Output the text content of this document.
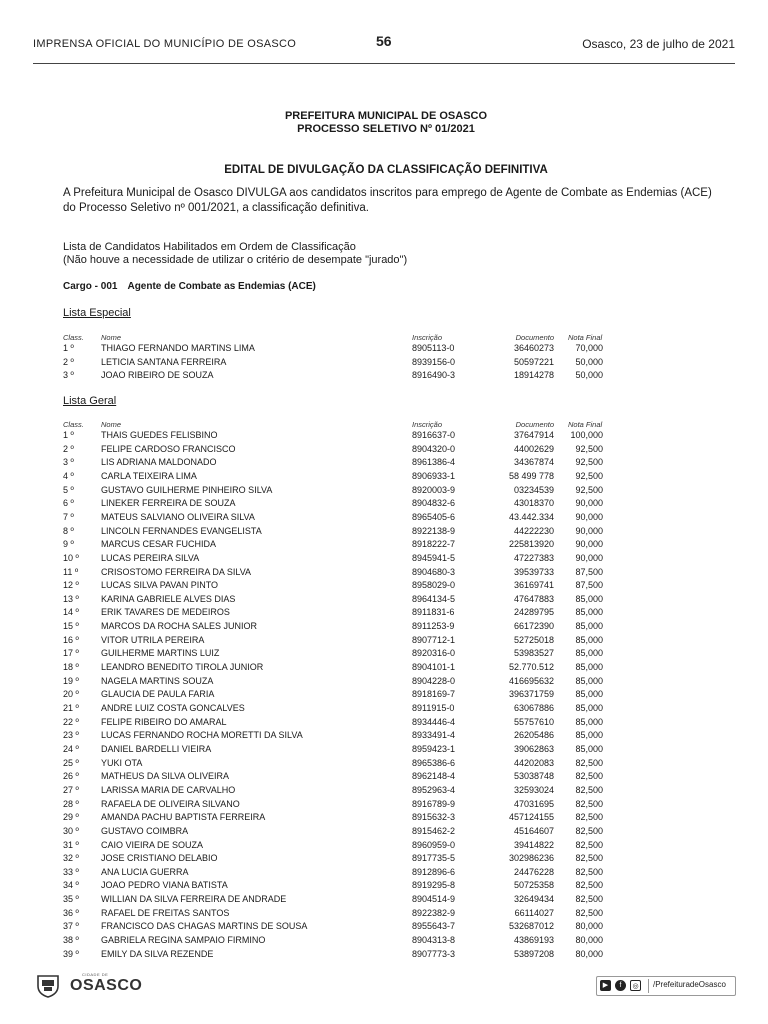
IMPRENSA OFICIAL DO MUNICÍPIO DE OSASCO	56	Osasco, 23 de julho de 2021
PREFEITURA MUNICIPAL DE OSASCO
PROCESSO SELETIVO Nº 01/2021
EDITAL DE DIVULGAÇÃO DA CLASSIFICAÇÃO DEFINITIVA
A Prefeitura Municipal de Osasco DIVULGA aos candidatos inscritos para emprego de Agente de Combate as Endemias (ACE) do Processo Seletivo nº 001/2021, a classificação definitiva.
Lista de Candidatos Habilitados em Ordem de Classificação
(Não houve a necessidade de utilizar o critério de desempate "jurado")
Cargo - 001 Agente de Combate as Endemias (ACE)
Lista Especial
Class. Nome	Inscrição	Documento Nota Final
1 º	THIAGO FERNANDO MARTINS LIMA	8905113-0	36460273	70,000
2 º	LETICIA SANTANA FERREIRA	8939156-0	50597221	50,000
3 º	JOAO RIBEIRO DE SOUZA	8916490-3	18914278	50,000
Lista Geral
Class. Nome	Inscrição	Documento Nota Final
1 º	THAIS GUEDES FELISBINO	8916637-0	37647914	100,000
2 º	FELIPE CARDOSO FRANCISCO	8904320-0	44002629	92,500
3 º	LIS ADRIANA MALDONADO	8961386-4	34367874	92,500
4 º	CARLA TEIXEIRA LIMA	8906933-1	58 499 778	92,500
5 º	GUSTAVO GUILHERME PINHEIRO SILVA	8920003-9	03234539	92,500
6 º	LINEKER FERREIRA DE SOUZA	8904832-6	43018370	90,000
7 º	MATEUS SALVIANO OLIVEIRA SILVA	8965405-6	43.442.334	90,000
8 º	LINCOLN FERNANDES EVANGELISTA	8922138-9	44222230	90,000
9 º	MARCUS CESAR FUCHIDA	8918222-7	225813920	90,000
10 º LUCAS PEREIRA SILVA	8945941-5	47227383	90,000
11 º	CRISOSTOMO FERREIRA DA SILVA	8904680-3	39539733	87,500
12 º LUCAS SILVA PAVAN PINTO	8958029-0	36169741	87,500
13 º KARINA GABRIELE ALVES DIAS	8964134-5	47647883	85,000
14 º ERIK TAVARES DE MEDEIROS	8911831-6	24289795	85,000
15 º MARCOS DA ROCHA SALES JUNIOR	8911253-9	66172390	85,000
16 º VITOR UTRILA PEREIRA	8907712-1	52725018	85,000
17 º GUILHERME MARTINS LUIZ	8920316-0	53983527	85,000
18 º LEANDRO BENEDITO TIROLA JUNIOR	8904101-1	52.770.512	85,000
19 º NAGELA MARTINS SOUZA	8904228-0	416695632	85,000
20 º GLAUCIA DE PAULA FARIA	8918169-7	396371759	85,000
21 º ANDRE LUIZ COSTA GONCALVES	8911915-0	63067886	85,000
22 º FELIPE RIBEIRO DO AMARAL	8934446-4	55757610	85,000
23 º LUCAS FERNANDO ROCHA MORETTI DA SILVA	8933491-4	26205486	85,000
24 º DANIEL BARDELLI VIEIRA	8959423-1	39062863	85,000
25 º YUKI OTA	8965386-6	44202083	82,500
26 º MATHEUS DA SILVA OLIVEIRA	8962148-4	53038748	82,500
27 º LARISSA MARIA DE CARVALHO	8952963-4	32593024	82,500
28 º RAFAELA DE OLIVEIRA SILVANO	8916789-9	47031695	82,500
29 º AMANDA PACHU BAPTISTA FERREIRA	8915632-3	457124155	82,500
30 º GUSTAVO COIMBRA	8915462-2	45164607	82,500
31 º CAIO VIEIRA DE SOUZA	8960959-0	39414822	82,500
32 º JOSE CRISTIANO DELABIO	8917735-5	302986236	82,500
33 º ANA LUCIA GUERRA	8912896-6	24476228	82,500
34 º JOAO PEDRO VIANA BATISTA	8919295-8	50725358	82,500
35 º WILLIAN DA SILVA FERREIRA DE ANDRADE	8904514-9	32649434	82,500
36 º RAFAEL DE FREITAS SANTOS	8922382-9	66114027	82,500
37 º FRANCISCO DAS CHAGAS MARTINS DE SOUSA	8955643-7	532687012	80,000
38 º GABRIELA REGINA SAMPAIO FIRMINO	8904313-8	43869193	80,000
39 º EMILY DA SILVA REZENDE	8907773-3	53897208	80,000
CIDADE DE
OSASCO	▶	f	◎	/PrefeituradeOsasco
